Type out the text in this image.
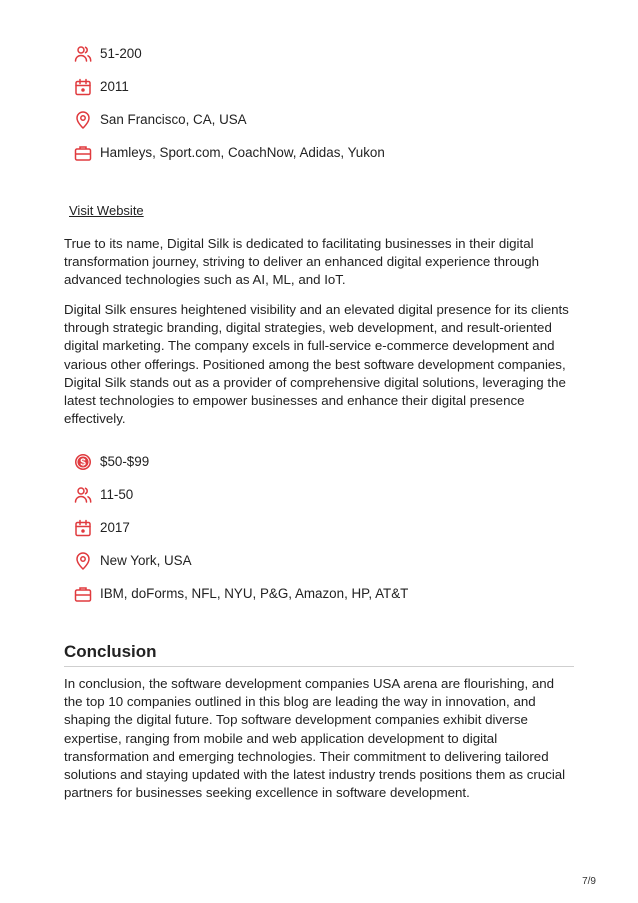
51-200
2011
San Francisco, CA, USA
Hamleys, Sport.com, CoachNow, Adidas, Yukon
Visit Website

True to its name, Digital Silk is dedicated to facilitating businesses in their digital transformation journey, striving to deliver an enhanced digital experience through advanced technologies such as AI, ML, and IoT.

Digital Silk ensures heightened visibility and an elevated digital presence for its clients through strategic branding, digital strategies, web development, and result-oriented digital marketing. The company excels in full-service e-commerce development and various other offerings. Positioned among the best software development companies, Digital Silk stands out as a provider of comprehensive digital solutions, leveraging the latest technologies to empower businesses and enhance their digital presence effectively.

$ $50-$99
11-50
2017
New York, USA
IBM, doForms, NFL, NYU, P&G, Amazon, HP, AT&T
Conclusion

In conclusion, the software development companies USA arena are flourishing, and the top 10 companies outlined in this blog are leading the way in innovation, and shaping the digital future. Top software development companies exhibit diverse expertise, ranging from mobile and web application development to digital transformation and emerging technologies. Their commitment to delivering tailored solutions and staying updated with the latest industry trends positions them as crucial partners for businesses seeking excellence in software development.

7/9
